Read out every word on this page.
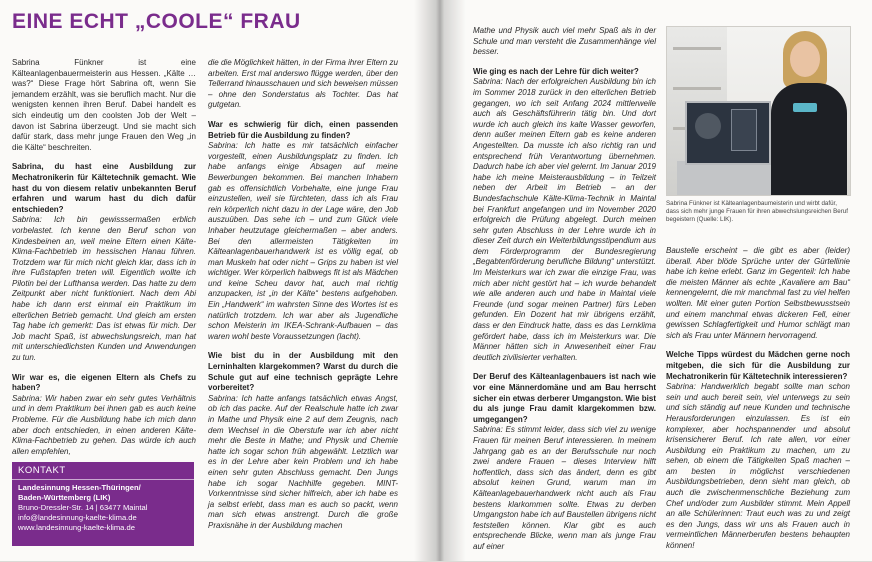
EINE ECHT „COOLE“ FRAU

Sabrina Fünkner ist eine Kälteanlagenbauermeisterin aus Hessen. „Kälte …was?“ Diese Frage hört Sabrina oft, wenn Sie jemandem erzählt, was sie beruflich macht. Nur die wenigsten kennen ihren Beruf. Dabei handelt es sich eindeutig um den coolsten Job der Welt – davon ist Sabrina überzeugt. Und sie macht sich dafür stark, dass mehr junge Frauen den Weg „in die Kälte“ beschreiten.

Sabrina, du hast eine Ausbildung zur Mechatronikerin für Kältetechnik gemacht. Wie hast du von diesem relativ unbekannten Beruf erfahren und warum hast du dich dafür entschieden?
Sabrina: Ich bin gewisssermaßen erblich vorbelastet. Ich kenne den Beruf schon von Kindesbeinen an, weil meine Eltern einen Kälte-Klima-Fachbetrieb im hessischen Hanau führen. Trotzdem war für mich nicht gleich klar, dass ich in ihre Fußstapfen treten will. Eigentlich wollte ich Pilotin bei der Lufthansa werden. Das hatte zu dem Zeitpunkt aber nicht funktioniert. Nach dem Abi habe ich dann erst einmal ein Praktikum im elterlichen Betrieb gemacht. Und gleich am ersten Tag habe ich gemerkt: Das ist etwas für mich. Der Job macht Spaß, ist abwechslungsreich, man hat mit unterschiedlichsten Kunden und Anwendungen zu tun.

Wir war es, die eigenen Eltern als Chefs zu haben?
Sabrina: Wir haben zwar ein sehr gutes Verhältnis und in dem Praktikum bei ihnen gab es auch keine Probleme. Für die Ausbildung habe ich mich dann aber doch entschieden, in einen anderen Kälte-Klima-Fachbetrieb zu gehen. Das würde ich auch allen empfehlen,

KONTAKT
Landesinnung Hessen-Thüringen/
Baden-Württemberg (LIK)
Bruno-Dressler-Str. 14 | 63477 Maintal
info@landesinnung-kaelte-klima.de
www.landesinnung-kaelte-klima.de

die die Möglichkeit hätten, in der Firma ihrer Eltern zu arbeiten. Erst mal anderswo flügge werden, über den Tellerrand hinausschauen und sich beweisen müssen – ohne den Sonderstatus als Tochter. Das hat gutgetan.

War es schwierig für dich, einen passenden Betrieb für die Ausbildung zu finden?
Sabrina: Ich hatte es mir tatsächlich einfacher vorgestellt, einen Ausbildungsplatz zu finden. Ich habe anfangs einige Absagen auf meine Bewerbungen bekommen. Bei manchen Inhabern gab es offensichtlich Vorbehalte, eine junge Frau einzustellen, weil sie fürchteten, dass ich als Frau rein körperlich nicht dazu in der Lage wäre, den Job auszuüben. Das sehe ich – und zum Glück viele Inhaber heutzutage gleichermaßen – aber anders. Bei den allermeisten Tätigkeiten im Kälteanlagenbauerhandwerk ist es völlig egal, ob man Muskeln hat oder nicht – Grips zu haben ist viel wichtiger. Wer körperlich halbwegs fit ist als Mädchen und keine Scheu davor hat, auch mal richtig anzupacken, ist „in der Kälte“ bestens aufgehoben. Ein „Handwerk“ im wahrsten Sinne des Wortes ist es natürlich trotzdem. Ich war aber als Jugendliche schon Meisterin im IKEA-Schrank-Aufbauen – das waren wohl beste Voraussetzungen (lacht).

Wie bist du in der Ausbildung mit den Lerninhalten klargekommen? Warst du durch die Schule gut auf eine technisch geprägte Lehre vorbereitet?
Sabrina: Ich hatte anfangs tatsächlich etwas Angst, ob ich das packe. Auf der Realschule hatte ich zwar in Mathe und Physik eine 2 auf dem Zeugnis, nach dem Wechsel in die Oberstufe war ich aber nicht mehr die Beste in Mathe; und Physik und Chemie hatte ich sogar schon früh abgewählt. Letztlich war es in der Lehre aber kein Problem und ich habe einen sehr guten Abschluss gemacht. Den Jungs habe ich sogar Nachhilfe gegeben. MINT-Vorkenntnisse sind sicher hilfreich, aber ich habe es ja selbst erlebt, dass man es auch so packt, wenn man sich etwas anstrengt. Durch die große Praxisnähe in der Ausbildung machen

Mathe und Physik auch viel mehr Spaß als in der Schule und man versteht die Zusammenhänge viel besser.

Wie ging es nach der Lehre für dich weiter?
Sabrina: Nach der erfolgreichen Ausbildung bin ich im Sommer 2018 zurück in den elterlichen Betrieb gegangen, wo ich seit Anfang 2024 mittlerweile auch als Geschäftsführerin tätig bin. Und dort wurde ich auch gleich ins kalte Wasser geworfen, denn außer meinen Eltern gab es keine anderen Angestellten. Da musste ich also richtig ran und entsprechend früh Verantwortung übernehmen. Dadurch habe ich aber viel gelernt. Im Januar 2019 habe ich meine Meisterausbildung – in Teilzeit neben der Arbeit im Betrieb – an der Bundesfachschule Kälte-Klima-Technik in Maintal bei Frankfurt angefangen und im November 2020 erfolgreich die Prüfung abgelegt. Durch meinen sehr guten Abschluss in der Lehre wurde ich in dieser Zeit durch ein Weiterbildungsstipendium aus dem Förderprogramm der Bundesregierung „Begabtenförderung berufliche Bildung“ unterstützt. Im Meisterkurs war ich zwar die einzige Frau, was mich aber nicht gestört hat – ich wurde behandelt wie alle anderen auch und habe in Maintal viele Freunde (und sogar meinen Partner) fürs Leben gefunden. Ein Dozent hat mir übrigens erzählt, dass er den Eindruck hatte, dass es das Lernklima gefördert habe, dass ich im Meisterkurs war. Die Männer hätten sich in Anwesenheit einer Frau deutlich zivilisierter verhalten.

Der Beruf des Kälteanlagenbauers ist nach wie vor eine Männerdomäne und am Bau herrscht sicher ein etwas derberer Umgangston. Wie bist du als junge Frau damit klargekommen bzw. umgegangen?
Sabrina: Es stimmt leider, dass sich viel zu wenige Frauen für meinen Beruf interessieren. In meinem Jahrgang gab es an der Berufsschule nur noch zwei andere Frauen – dieses Interview hilft hoffentlich, dass sich das ändert, denn es gibt absolut keinen Grund, warum man im Kälteanlagebauerhandwerk nicht auch als Frau bestens klarkommen sollte. Etwas zu derben Umgangston habe ich auf Baustellen übrigens nicht feststellen können. Klar gibt es auch entsprechende Blicke, wenn man als junge Frau auf einer

Sabrina Fünkner ist Kälteanlagenbaumeisterin und wirbt dafür, dass sich mehr junge Frauen für ihren abwechslungsreichen Beruf begeistern (Quelle: LIK).

Baustelle erscheint – die gibt es aber (leider) überall. Aber blöde Sprüche unter der Gürtellinie habe ich keine erlebt. Ganz im Gegenteil: Ich habe die meisten Männer als echte „Kavaliere am Bau“ kennengelernt, die mir manchmal fast zu viel helfen wollten. Mit einer guten Portion Selbstbewusstsein und einem manchmal etwas dickeren Fell, einer gewissen Schlagfertigkeit und Humor schlägt man sich als Frau unter Männern hervorragend.

Welche Tipps würdest du Mädchen gerne noch mitgeben, die sich für die Ausbildung zur Mechatronikerin für Kältetechnik interessieren?
Sabrina: Handwerklich begabt sollte man schon sein und auch bereit sein, viel unterwegs zu sein und sich ständig auf neue Kunden und technische Herausforderungen einzulassen. Es ist ein komplexer, aber hochspannender und absolut krisensicherer Beruf. Ich rate allen, vor einer Ausbildung ein Praktikum zu machen, um zu sehen, ob einem die Tätigkeiten Spaß machen – am besten in möglichst verschiedenen Ausbildungsbetrieben, denn sieht man gleich, ob auch die zwischenmenschliche Beziehung zum Chef und/oder zum Ausbilder stimmt. Mein Appell an alle Schülerinnen: Traut euch was zu und zeigt es den Jungs, dass wir uns als Frauen auch in vermeintlichen Männerberufen bestens behaupten können!
